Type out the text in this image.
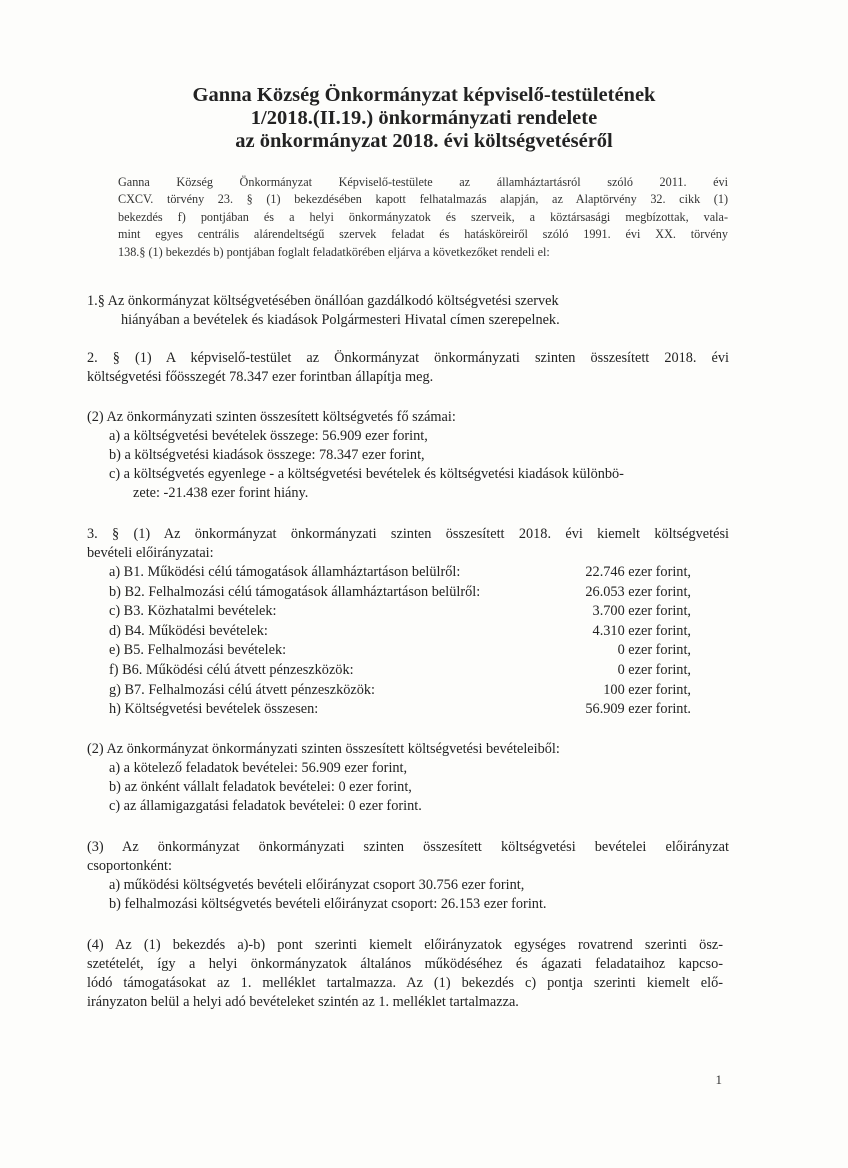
Ganna Község Önkormányzat képviselő-testületének
1/2018.(II.19.) önkormányzati rendelete
az önkormányzat 2018. évi költségvetéséről
Ganna Község Önkormányzat Képviselő-testülete az államháztartásról szóló 2011. évi
CXCV. törvény 23. § (1) bekezdésében kapott felhatalmazás alapján, az Alaptörvény 32. cikk (1)
bekezdés f) pontjában és a helyi önkormányzatok és szerveik, a köztársasági megbízottak, vala-
mint egyes centrális alárendeltségű szervek feladat és hatásköreiről szóló 1991. évi XX. törvény
138.§ (1) bekezdés b) pontjában foglalt feladatkörében eljárva a következőket rendeli el:
1.§ Az önkormányzat költségvetésében önállóan gazdálkodó költségvetési szervek
hiányában a bevételek és kiadások Polgármesteri Hivatal címen szerepelnek.
2. § (1) A képviselő-testület az Önkormányzat önkormányzati szinten összesített 2018. évi
költségvetési főösszegét 78.347 ezer forintban állapítja meg.
(2) Az önkormányzati szinten összesített költségvetés fő számai:
a) a költségvetési bevételek összege: 56.909 ezer forint,
b) a költségvetési kiadások összege: 78.347 ezer forint,
c) a költségvetés egyenlege - a költségvetési bevételek és költségvetési kiadások különbö-
zete: -21.438 ezer forint hiány.
3. § (1) Az önkormányzat önkormányzati szinten összesített 2018. évi kiemelt költségvetési
bevételi előirányzatai:
a) B1. Működési célú támogatások államháztartáson belülről:	22.746 ezer forint,
b) B2. Felhalmozási célú támogatások államháztartáson belülről:	26.053 ezer forint,
c) B3. Közhatalmi bevételek:	3.700 ezer forint,
d) B4. Működési bevételek:	4.310 ezer forint,
e) B5. Felhalmozási bevételek:	0 ezer forint,
f) B6. Működési célú átvett pénzeszközök:	0 ezer forint,
g) B7. Felhalmozási célú átvett pénzeszközök:	100 ezer forint,
h) Költségvetési bevételek összesen:	56.909 ezer forint.
(2) Az önkormányzat önkormányzati szinten összesített költségvetési bevételeiből:
a) a kötelező feladatok bevételei: 56.909 ezer forint,
b) az önként vállalt feladatok bevételei: 0 ezer forint,
c) az államigazgatási feladatok bevételei: 0 ezer forint.
(3) Az önkormányzat önkormányzati szinten összesített költségvetési bevételei előirányzat
csoportonként:
a) működési költségvetés bevételi előirányzat csoport 30.756 ezer forint,
b) felhalmozási költségvetés bevételi előirányzat csoport: 26.153 ezer forint.
(4) Az (1) bekezdés a)-b) pont szerinti kiemelt előirányzatok egységes rovatrend szerinti ösz-
szetételét, így a helyi önkormányzatok általános működéséhez és ágazati feladataihoz kapcso-
lódó támogatásokat az 1. melléklet tartalmazza. Az (1) bekezdés c) pontja szerinti kiemelt elő-
irányzaton belül a helyi adó bevételeket szintén az 1. melléklet tartalmazza.
1
